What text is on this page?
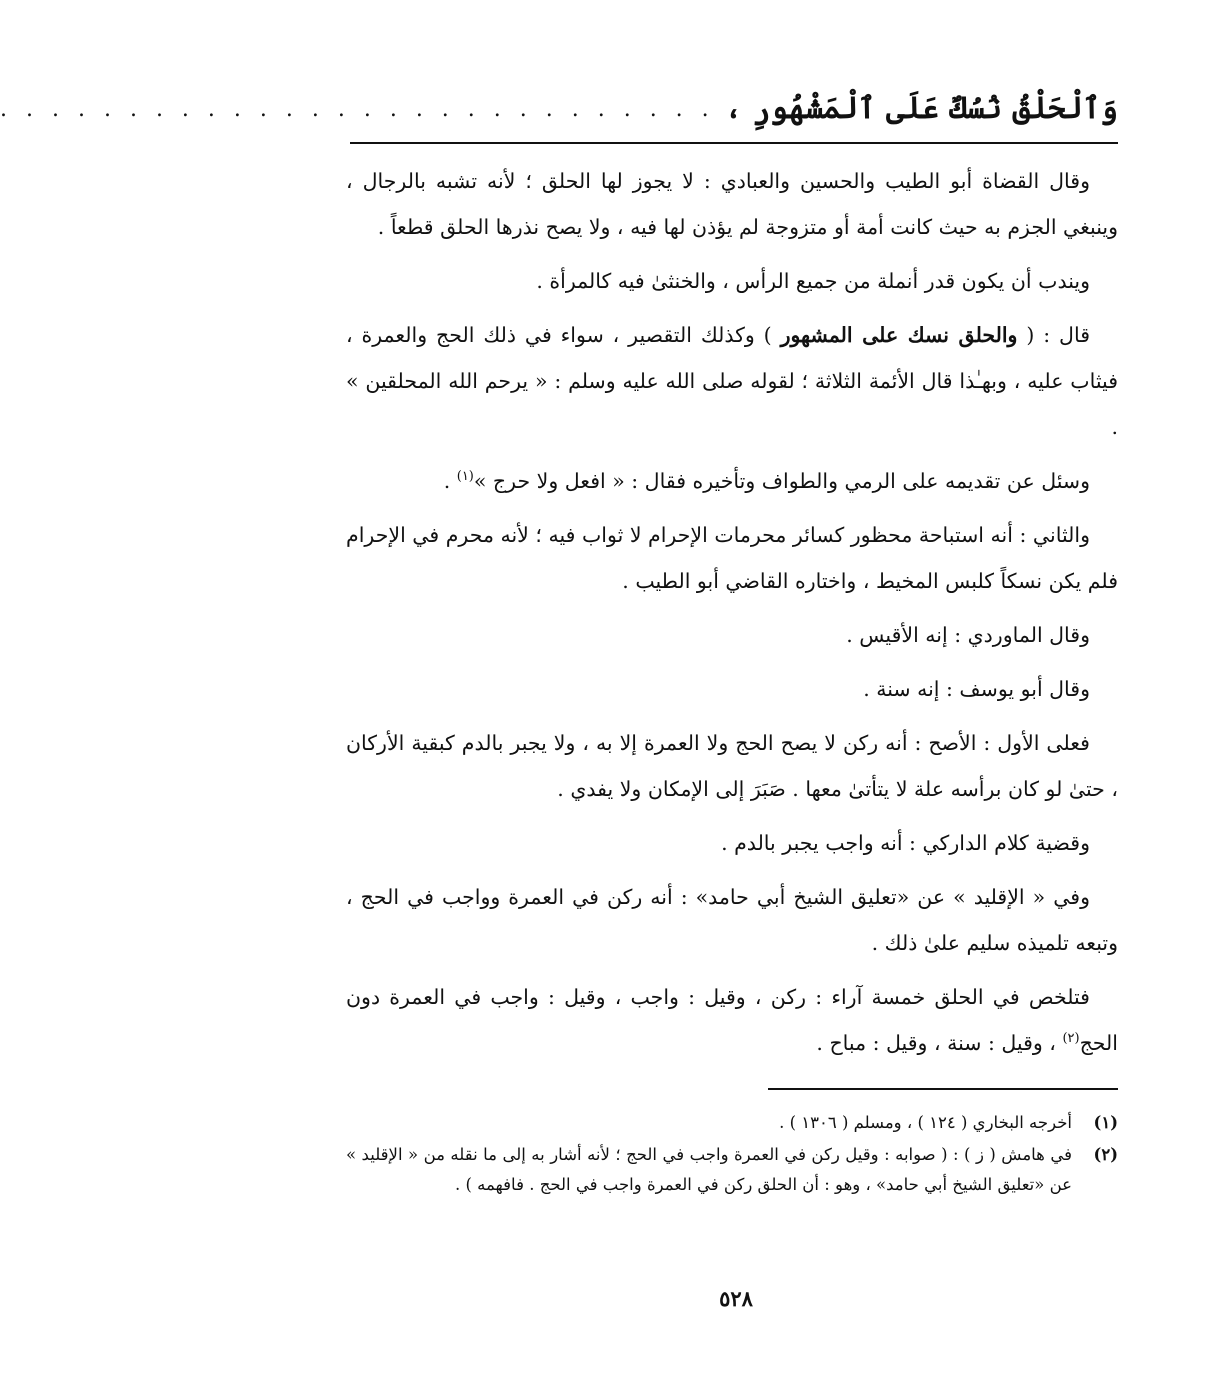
وَٱلْحَلْقُ نُسُكٌ عَلَى ٱلْمَشْهُورِ ،
. . . . . . . . . . . . . . . . . . . . . . . . . . . .

وقال القضاة أبو الطيب والحسين والعبادي : لا يجوز لها الحلق ؛ لأنه تشبه بالرجال ، وينبغي الجزم به حيث كانت أمة أو متزوجة لم يؤذن لها فيه ، ولا يصح نذرها الحلق قطعاً .

ويندب أن يكون قدر أنملة من جميع الرأس ، والخنثىٰ فيه كالمرأة .

قال : ( والحلق نسك على المشهور ) وكذلك التقصير ، سواء في ذلك الحج والعمرة ، فيثاب عليه ، وبهـٰذا قال الأئمة الثلاثة ؛ لقوله صلى الله عليه وسلم : « يرحم الله المحلقين » .

وسئل عن تقديمه على الرمي والطواف وتأخيره فقال : « افعل ولا حرج »$^{(١)}$ .

والثاني : أنه استباحة محظور كسائر محرمات الإحرام لا ثواب فيه ؛ لأنه محرم في الإحرام فلم يكن نسكاً كلبس المخيط ، واختاره القاضي أبو الطيب .

وقال الماوردي : إنه الأقيس .

وقال أبو يوسف : إنه سنة .

فعلى الأول : الأصح : أنه ركن لا يصح الحج ولا العمرة إلا به ، ولا يجبر بالدم كبقية الأركان ، حتىٰ لو كان برأسه علة لا يتأتىٰ معها . صَبَرَ إلى الإمكان ولا يفدي .

وقضية كلام الداركي : أنه واجب يجبر بالدم .

وفي « الإقليد » عن «تعليق الشيخ أبي حامد» : أنه ركن في العمرة وواجب في الحج ، وتبعه تلميذه سليم علىٰ ذلك .

فتلخص في الحلق خمسة آراء : ركن ، وقيل : واجب ، وقيل : واجب في العمرة دون الحج$^{(٢)}$ ، وقيل : سنة ، وقيل : مباح .

(١)
أخرجه البخاري ( ١٢٤ ) ، ومسلم ( ١٣٠٦ ) .
(٢)
في هامش ( ز ) : ( صوابه : وقيل ركن في العمرة واجب في الحج ؛ لأنه أشار به إلى ما نقله من « الإقليد » عن «تعليق الشيخ أبي حامد» ، وهو : أن الحلق ركن في العمرة واجب في الحج . فافهمه ) .
٥٢٨
